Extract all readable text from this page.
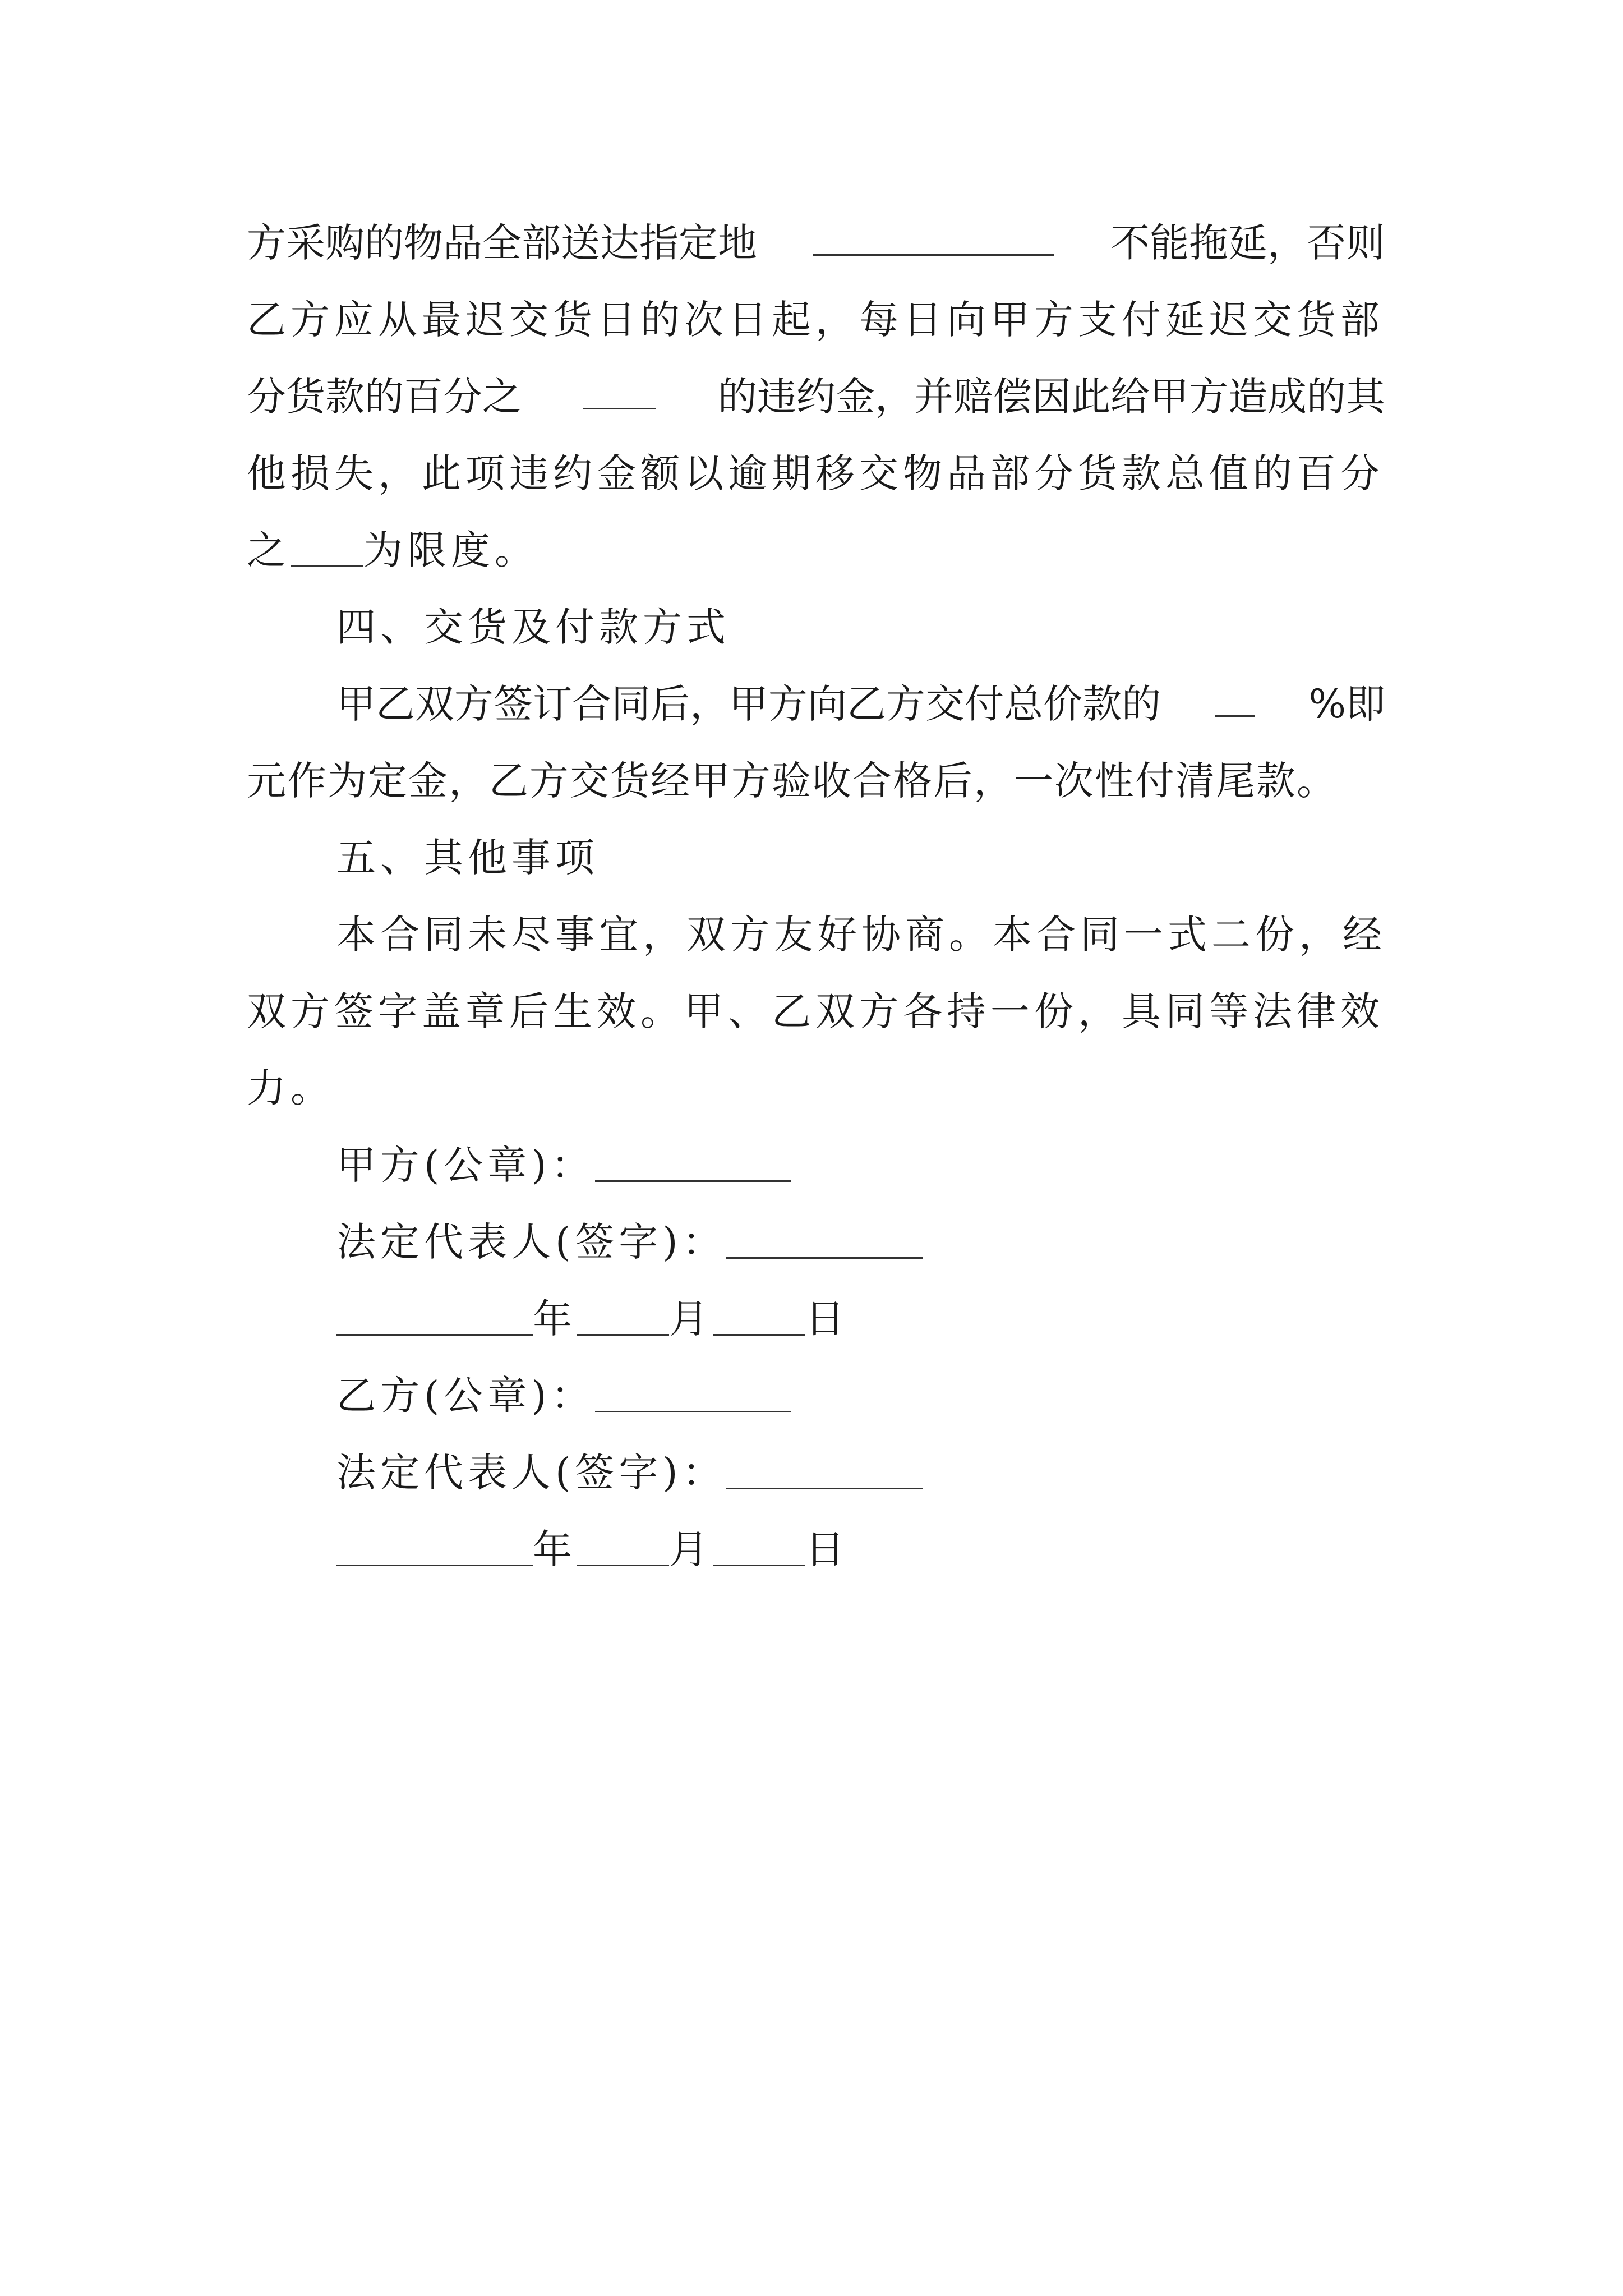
方采购的物品全部送达指定地	不能拖延，否则
乙方应从最迟交货日的次日起，每日向甲方支付延迟交货部
分货款的百分之	的违约金，并赔偿因此给甲方造成的其
他损失，此项违约金额以逾期移交物品部分货款总值的百分
之 为限度。
四、交货及付款方式
甲乙双方签订合同后，甲方向乙方交付总价款的	%即
元作为定金，乙方交货经甲方验收合格后，一次性付清尾款。
五、其他事项
本合同未尽事宜，双方友好协商。本合同一式二份，经
双方签字盖章后生效。甲、乙双方各持一份，具同等法律效
力。
甲方(公章)：
法定代表人(签字)：
年 月 日
乙方(公章)：
法定代表人(签字)：
年 月 日
